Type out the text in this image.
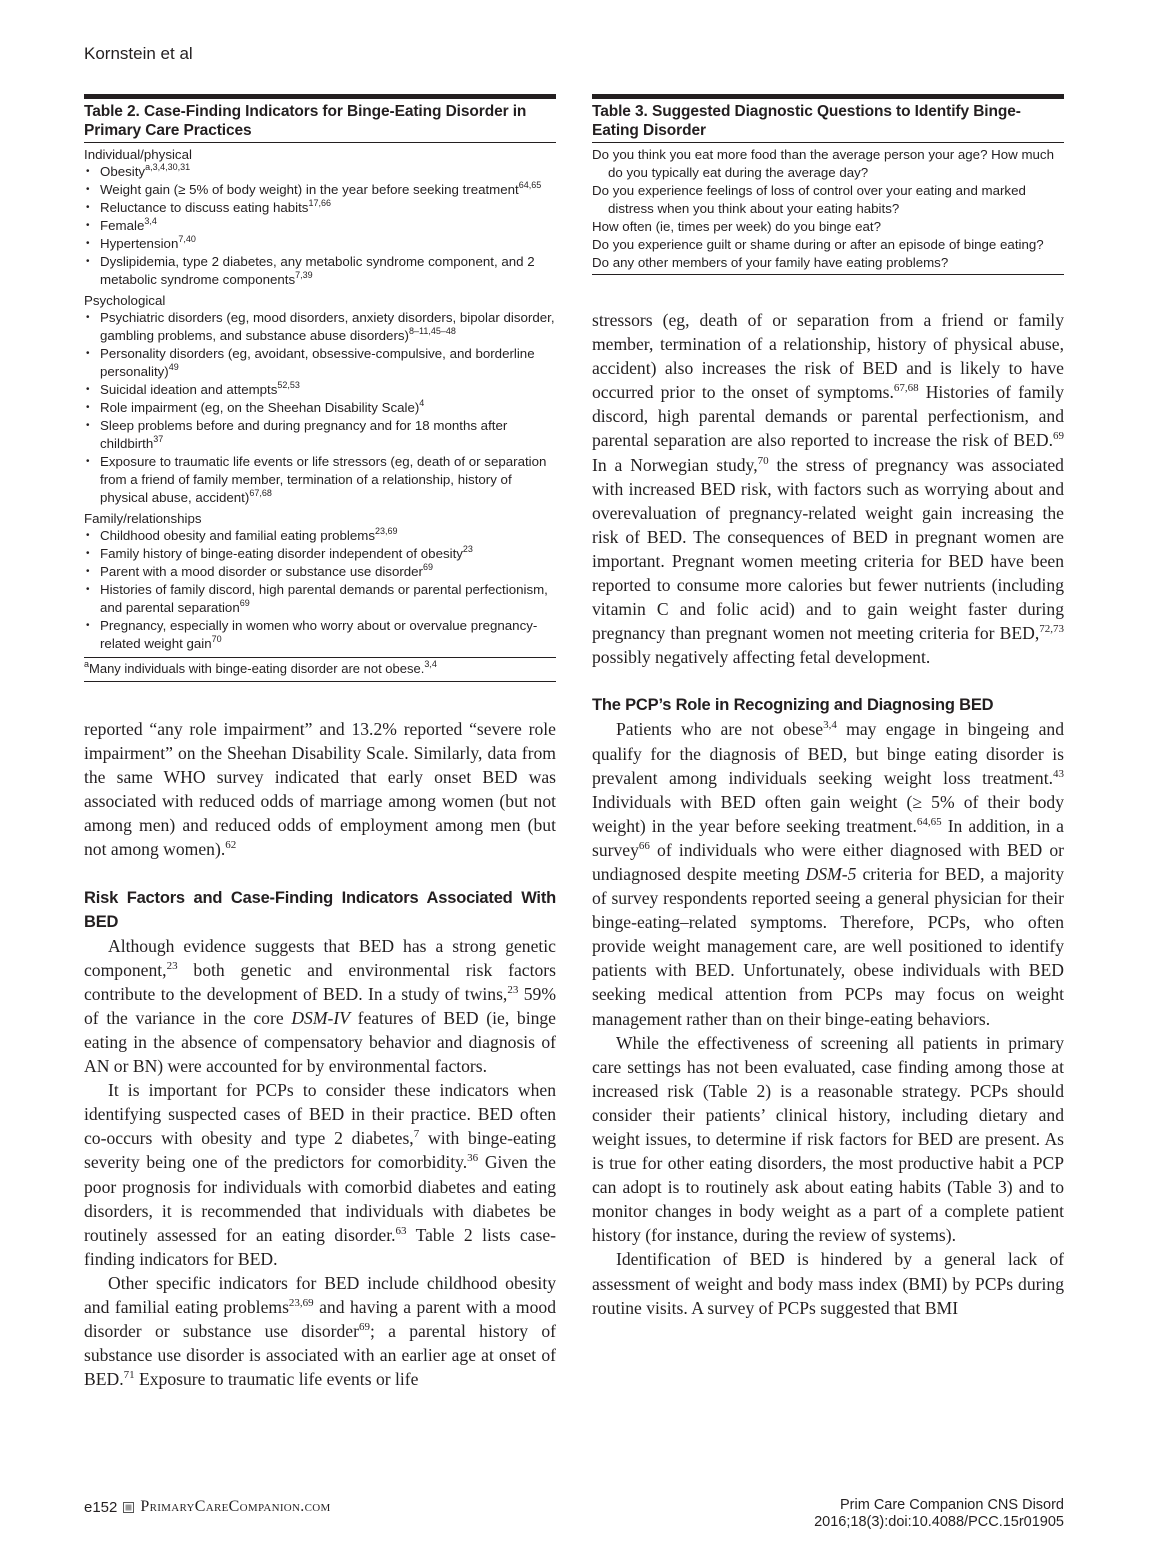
Kornstein et al
Table 2. Case-Finding Indicators for Binge-Eating Disorder in Primary Care Practices
Individual/physical
• Obesity$^{a,3,4,30,31}$
• Weight gain (≥ 5% of body weight) in the year before seeking treatment$^{64,65}$
• Reluctance to discuss eating habits$^{17,66}$
• Female$^{3,4}$
• Hypertension$^{7,40}$
• Dyslipidemia, type 2 diabetes, any metabolic syndrome component, and 2 metabolic syndrome components$^{7,39}$
Psychological
• Psychiatric disorders (eg, mood disorders, anxiety disorders, bipolar disorder, gambling problems, and substance abuse disorders)$^{8-11,45-48}$
• Personality disorders (eg, avoidant, obsessive-compulsive, and borderline personality)$^{49}$
• Suicidal ideation and attempts$^{52,53}$
• Role impairment (eg, on the Sheehan Disability Scale)$^4$
• Sleep problems before and during pregnancy and for 18 months after childbirth$^{37}$
• Exposure to traumatic life events or life stressors (eg, death of or separation from a friend of family member, termination of a relationship, history of physical abuse, accident)$^{67,68}$
Family/relationships
• Childhood obesity and familial eating problems$^{23,69}$
• Family history of binge-eating disorder independent of obesity$^{23}$
• Parent with a mood disorder or substance use disorder$^{69}$
• Histories of family discord, high parental demands or parental perfectionism, and parental separation$^{69}$
• Pregnancy, especially in women who worry about or overvalue pregnancy-related weight gain$^{70}$
$^a$Many individuals with binge-eating disorder are not obese.$^{3,4}$

reported “any role impairment” and 13.2% reported “severe role impairment” on the Sheehan Disability Scale. Similarly, data from the same WHO survey indicated that early onset BED was associated with reduced odds of marriage among women (but not among men) and reduced odds of employment among men (but not among women).$^{62}$

Risk Factors and Case-Finding Indicators Associated With BED

Although evidence suggests that BED has a strong genetic component,$^{23}$ both genetic and environmental risk factors contribute to the development of BED. In a study of twins,$^{23}$ 59% of the variance in the core DSM-IV features of BED (ie, binge eating in the absence of compensatory behavior and diagnosis of AN or BN) were accounted for by environmental factors.

It is important for PCPs to consider these indicators when identifying suspected cases of BED in their practice. BED often co-occurs with obesity and type 2 diabetes,$^7$ with binge-eating severity being one of the predictors for comorbidity.$^{36}$ Given the poor prognosis for individuals with comorbid diabetes and eating disorders, it is recommended that individuals with diabetes be routinely assessed for an eating disorder.$^{63}$ Table 2 lists case-finding indicators for BED.

Other specific indicators for BED include childhood obesity and familial eating problems$^{23,69}$ and having a parent with a mood disorder or substance use disorder$^{69}$; a parental history of substance use disorder is associated with an earlier age at onset of BED.$^{71}$ Exposure to traumatic life events or life

Table 3. Suggested Diagnostic Questions to Identify Binge-Eating Disorder
Do you think you eat more food than the average person your age? How much do you typically eat during the average day?
Do you experience feelings of loss of control over your eating and marked distress when you think about your eating habits?
How often (ie, times per week) do you binge eat?
Do you experience guilt or shame during or after an episode of binge eating?
Do any other members of your family have eating problems?

stressors (eg, death of or separation from a friend or family member, termination of a relationship, history of physical abuse, accident) also increases the risk of BED and is likely to have occurred prior to the onset of symptoms.$^{67,68}$ Histories of family discord, high parental demands or parental perfectionism, and parental separation are also reported to increase the risk of BED.$^{69}$ In a Norwegian study,$^{70}$ the stress of pregnancy was associated with increased BED risk, with factors such as worrying about and overevaluation of pregnancy-related weight gain increasing the risk of BED. The consequences of BED in pregnant women are important. Pregnant women meeting criteria for BED have been reported to consume more calories but fewer nutrients (including vitamin C and folic acid) and to gain weight faster during pregnancy than pregnant women not meeting criteria for BED,$^{72,73}$ possibly negatively affecting fetal development.

The PCP’s Role in Recognizing and Diagnosing BED

Patients who are not obese$^{3,4}$ may engage in bingeing and qualify for the diagnosis of BED, but binge eating disorder is prevalent among individuals seeking weight loss treatment.$^{43}$ Individuals with BED often gain weight (≥ 5% of their body weight) in the year before seeking treatment.$^{64,65}$ In addition, in a survey$^{66}$ of individuals who were either diagnosed with BED or undiagnosed despite meeting DSM-5 criteria for BED, a majority of survey respondents reported seeing a general physician for their binge-eating–related symptoms. Therefore, PCPs, who often provide weight management care, are well positioned to identify patients with BED. Unfortunately, obese individuals with BED seeking medical attention from PCPs may focus on weight management rather than on their binge-eating behaviors.

While the effectiveness of screening all patients in primary care settings has not been evaluated, case finding among those at increased risk (Table 2) is a reasonable strategy. PCPs should consider their patients’ clinical history, including dietary and weight issues, to determine if risk factors for BED are present. As is true for other eating disorders, the most productive habit a PCP can adopt is to routinely ask about eating habits (Table 3) and to monitor changes in body weight as a part of a complete patient history (for instance, during the review of systems).

Identification of BED is hindered by a general lack of assessment of weight and body mass index (BMI) by PCPs during routine visits. A survey of PCPs suggested that BMI

e152 PrimaryCareCompanion.com	Prim Care Companion CNS Disord
2016;18(3):doi:10.4088/PCC.15r01905
